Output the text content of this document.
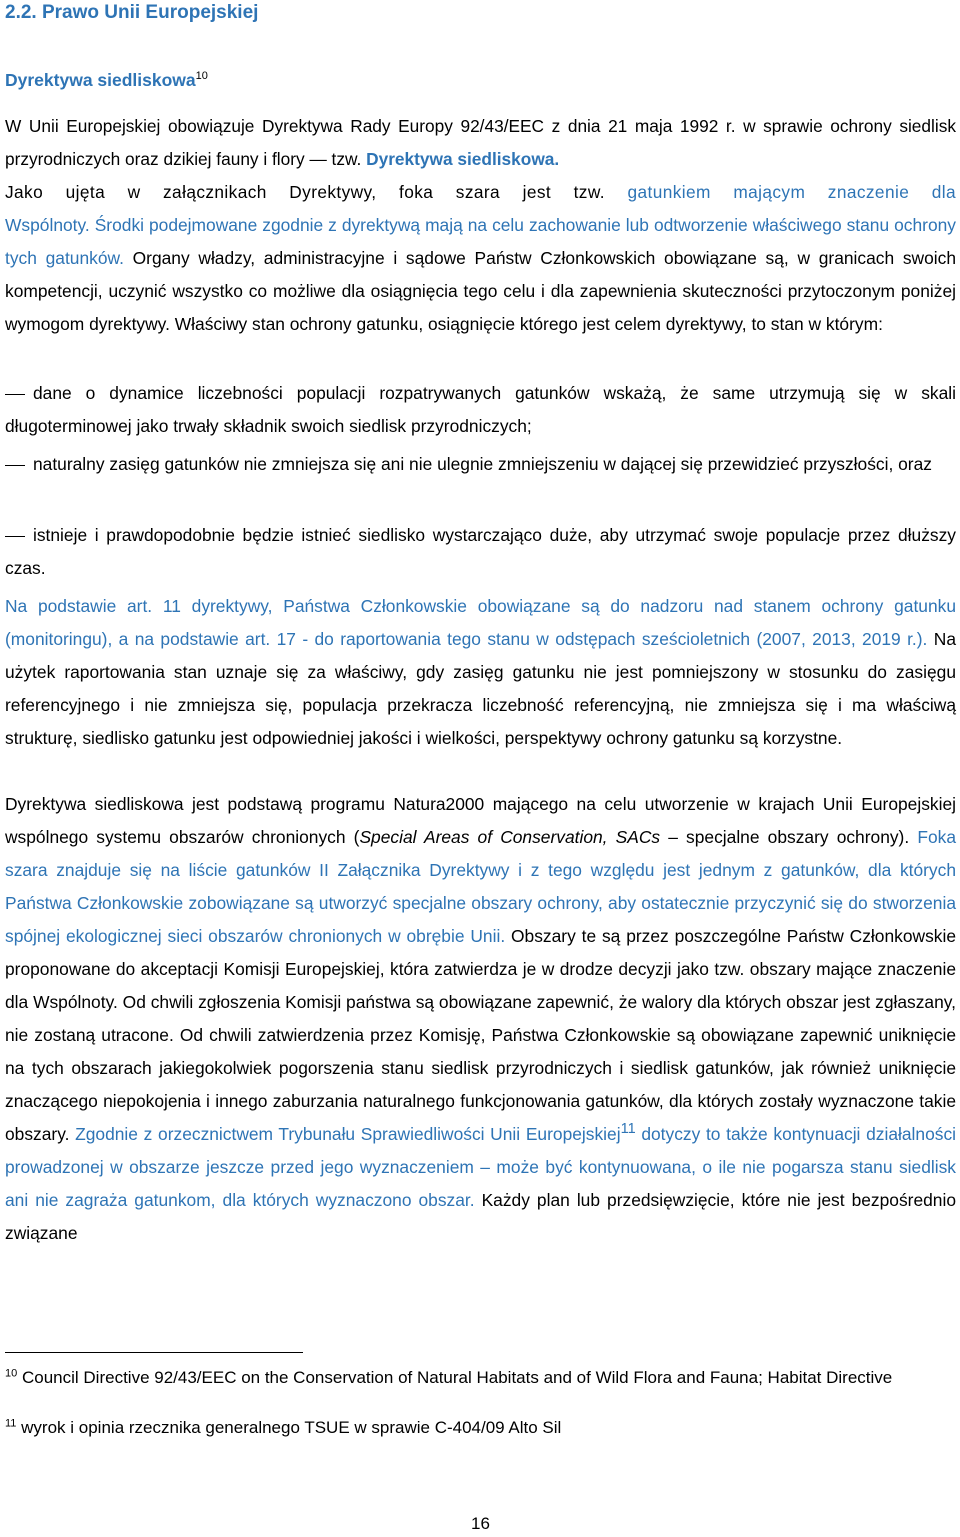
2.2. Prawo Unii Europejskiej
Dyrektywa siedliskowa$^{10}$

W Unii Europejskiej obowiązuje Dyrektywa Rady Europy 92/43/EEC z dnia 21 maja 1992 r. w sprawie ochrony siedlisk przyrodniczych oraz dzikiej fauny i flory — tzw. Dyrektywa siedliskowa.

Jako ujęta w załącznikach Dyrektywy, foka szara jest tzw. gatunkiem mającym znaczenie dla

Wspólnoty. Środki podejmowane zgodnie z dyrektywą mają na celu zachowanie lub odtworzenie właściwego stanu ochrony tych gatunków. Organy władzy, administracyjne i sądowe Państw Członkowskich obowiązane są, w granicach swoich kompetencji, uczynić wszystko co możliwe dla osiągnięcia tego celu i dla zapewnienia skuteczności przytoczonym poniżej wymogom dyrektywy. Właściwy stan ochrony gatunku, osiągnięcie którego jest celem dyrektywy, to stan w którym:

dane o dynamice liczebności populacji rozpatrywanych gatunków wskażą, że same utrzymują się w skali długoterminowej jako trwały składnik swoich siedlisk przyrodniczych;

naturalny zasięg gatunków nie zmniejsza się ani nie ulegnie zmniejszeniu w dającej się przewidzieć przyszłości, oraz

istnieje i prawdopodobnie będzie istnieć siedlisko wystarczająco duże, aby utrzymać swoje populacje przez dłuższy czas.

Na podstawie art. 11 dyrektywy, Państwa Członkowskie obowiązane są do nadzoru nad stanem ochrony gatunku (monitoringu), a na podstawie art. 17 - do raportowania tego stanu w odstępach sześcioletnich (2007, 2013, 2019 r.). Na użytek raportowania stan uznaje się za właściwy, gdy zasięg gatunku nie jest pomniejszony w stosunku do zasięgu referencyjnego i nie zmniejsza się, populacja przekracza liczebność referencyjną, nie zmniejsza się i ma właściwą strukturę, siedlisko gatunku jest odpowiedniej jakości i wielkości, perspektywy ochrony gatunku są korzystne.

Dyrektywa siedliskowa jest podstawą programu Natura2000 mającego na celu utworzenie w krajach Unii Europejskiej wspólnego systemu obszarów chronionych (Special Areas of Conservation, SACs – specjalne obszary ochrony). Foka szara znajduje się na liście gatunków II Załącznika Dyrektywy i z tego względu jest jednym z gatunków, dla których Państwa Członkowskie zobowiązane są utworzyć specjalne obszary ochrony, aby ostatecznie przyczynić się do stworzenia spójnej ekologicznej sieci obszarów chronionych w obrębie Unii. Obszary te są przez poszczególne Państw Członkowskie proponowane do akceptacji Komisji Europejskiej, która zatwierdza je w drodze decyzji jako tzw. obszary mające znaczenie dla Wspólnoty. Od chwili zgłoszenia Komisji państwa są obowiązane zapewnić, że walory dla których obszar jest zgłaszany, nie zostaną utracone. Od chwili zatwierdzenia przez Komisję, Państwa Członkowskie są obowiązane zapewnić uniknięcie na tych obszarach jakiegokolwiek pogorszenia stanu siedlisk przyrodniczych i siedlisk gatunków, jak również uniknięcie znaczącego niepokojenia i innego zaburzania naturalnego funkcjonowania gatunków, dla których zostały wyznaczone takie obszary. Zgodnie z orzecznictwem Trybunału Sprawiedliwości Unii Europejskiej$^{11}$ dotyczy to także kontynuacji działalności prowadzonej w obszarze jeszcze przed jego wyznaczeniem – może być kontynuowana, o ile nie pogarsza stanu siedlisk ani nie zagraża gatunkom, dla których wyznaczono obszar. Każdy plan lub przedsięwzięcie, które nie jest bezpośrednio związane

$^{10}$ Council Directive 92/43/EEC on the Conservation of Natural Habitats and of Wild Flora and Fauna; Habitat Directive

$^{11}$ wyrok i opinia rzecznika generalnego TSUE w sprawie C-404/09 Alto Sil

16
